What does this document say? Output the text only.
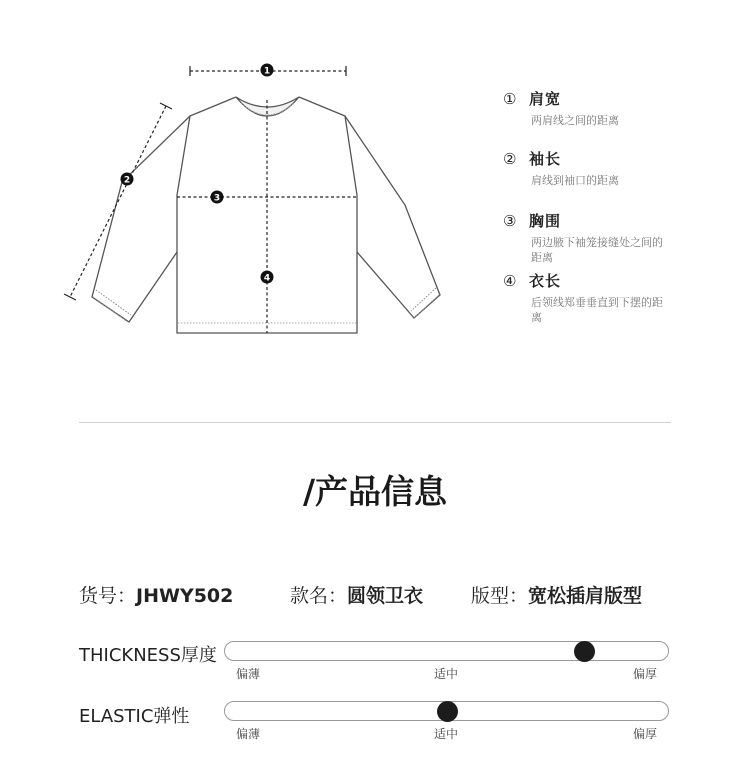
1
2
3
4
① 肩宽
两肩线之间的距离
② 袖长
肩线到袖口的距离
③ 胸围
两边腋下袖笼接缝处之间的距离
④ 衣长
后领线郑垂垂直到下摆的距离
/产品信息
货号：JHWY502	款名：圆领卫衣	版型：宽松插肩版型
THICKNESS厚度
偏薄	适中	偏厚
ELASTIC弹性
偏薄	适中	偏厚
